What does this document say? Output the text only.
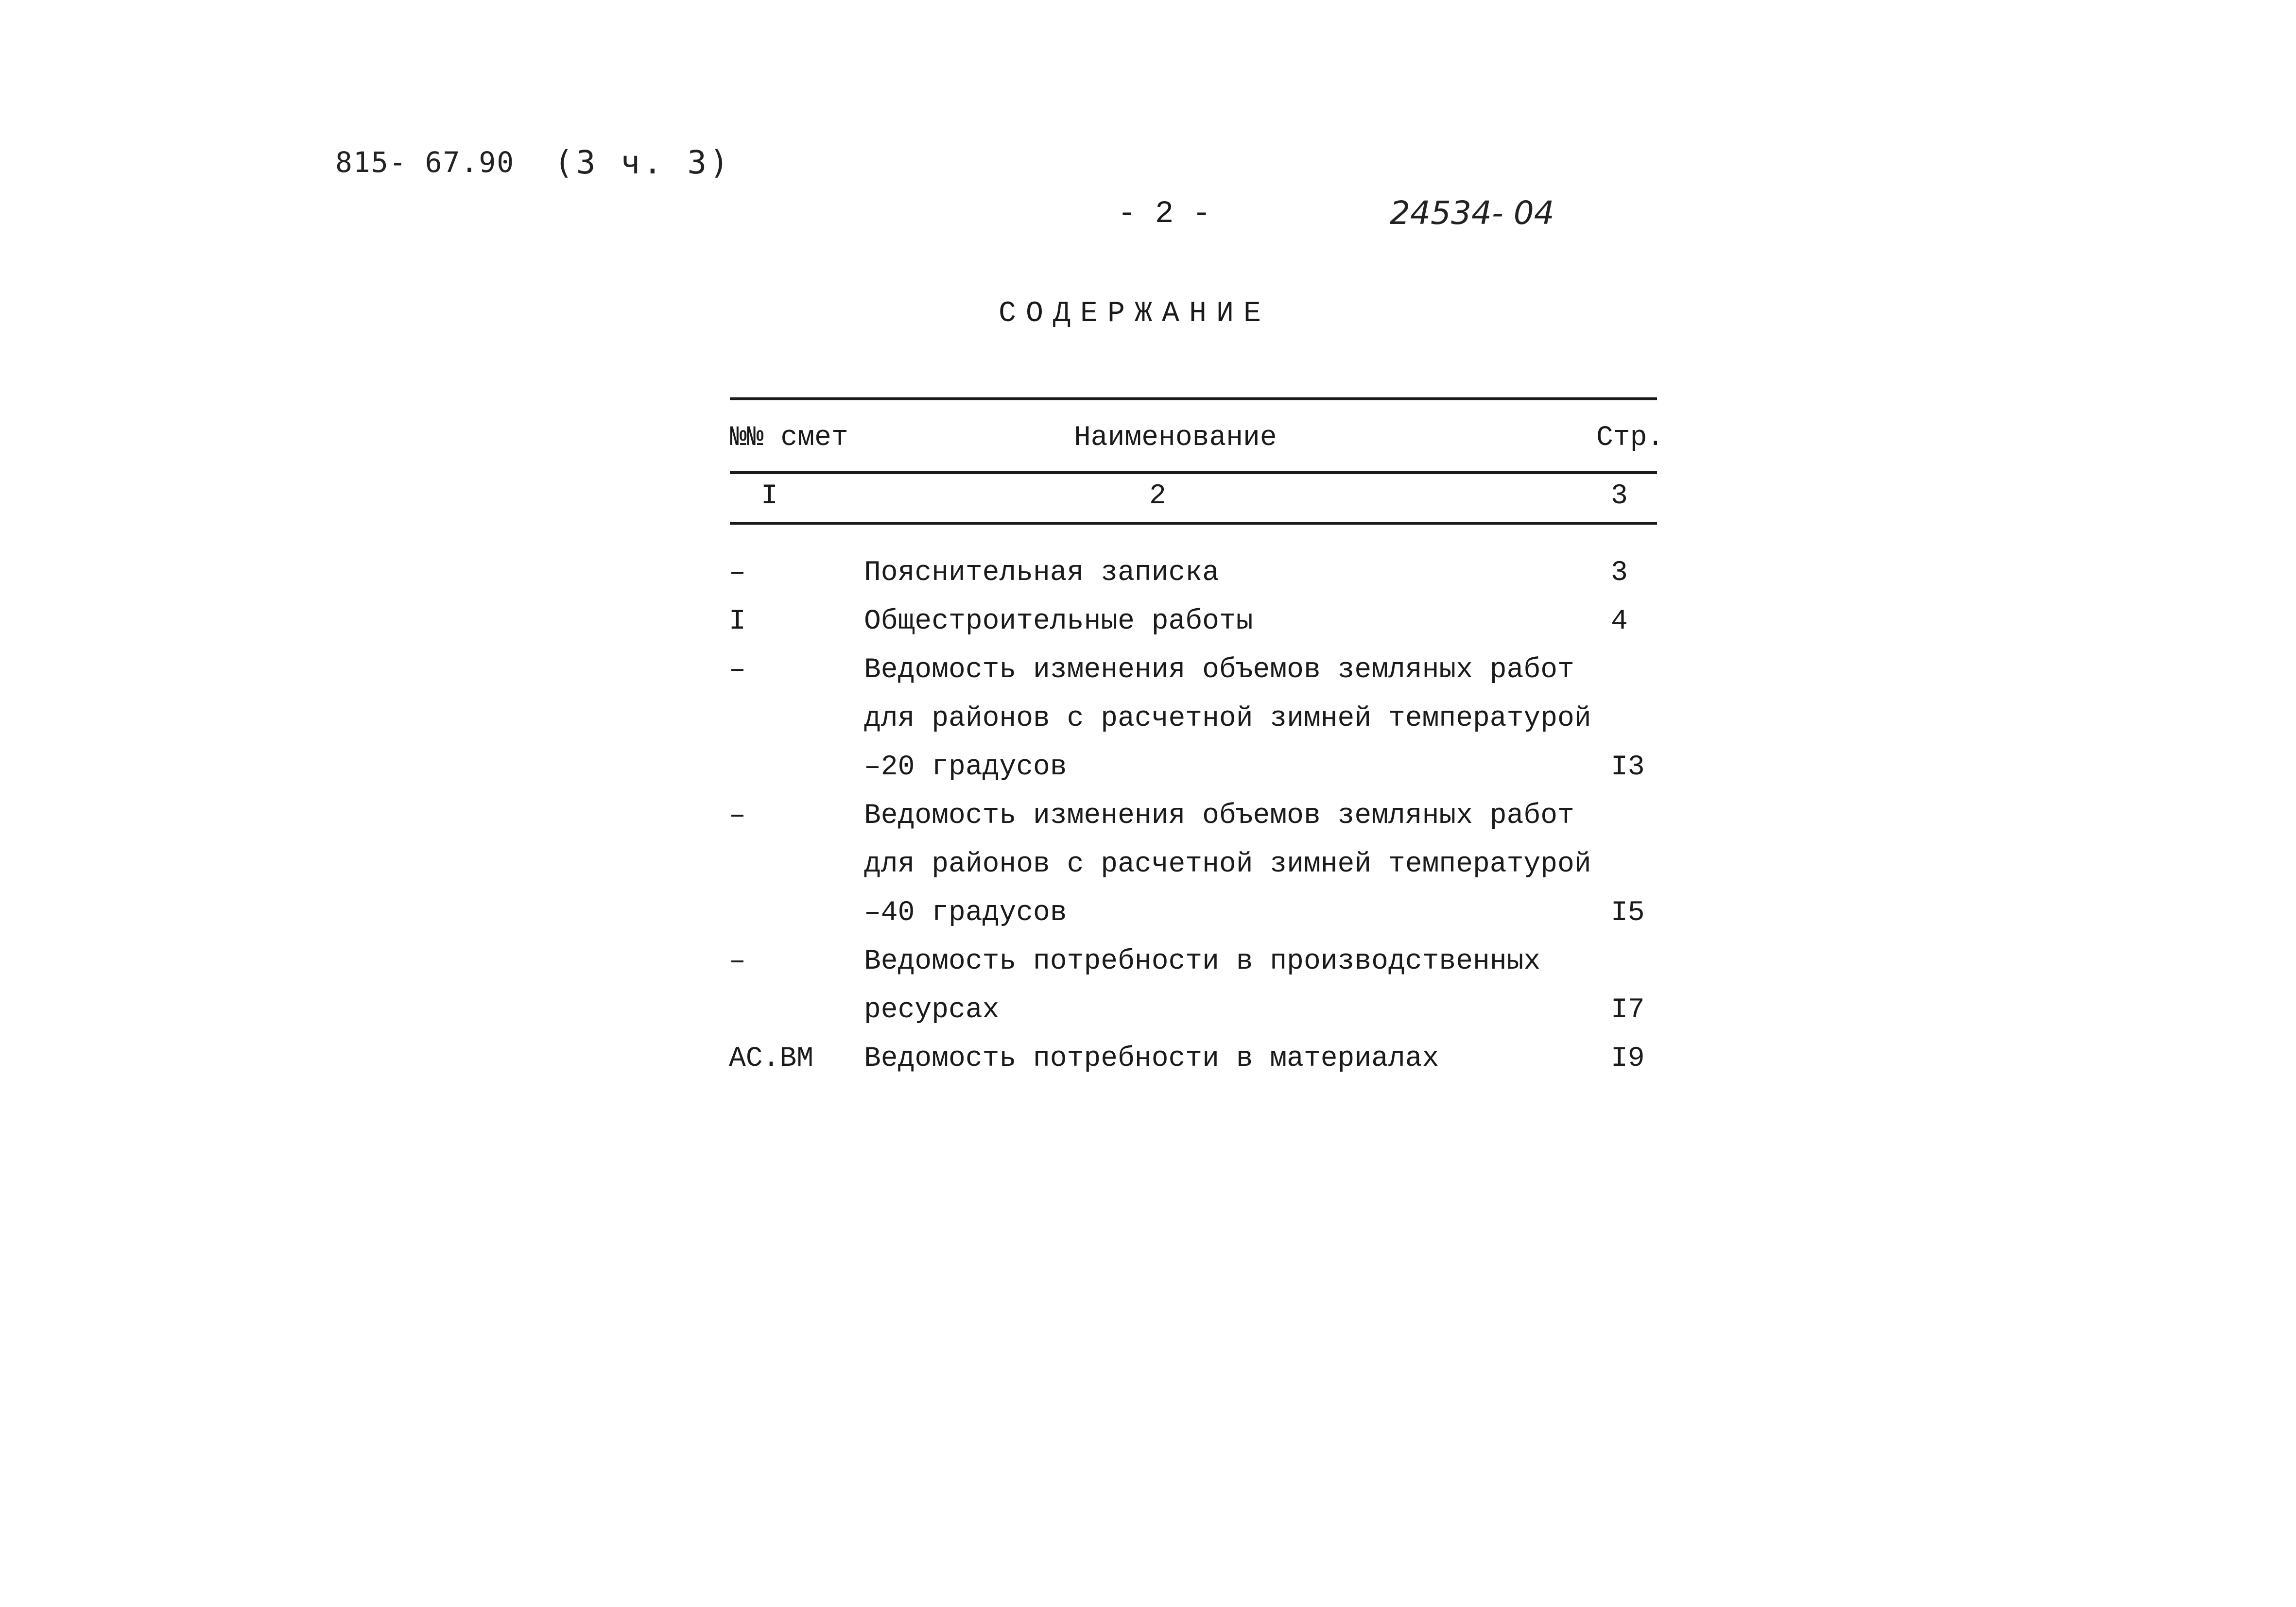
815- 67.90 (3 ч. 3)
- 2 -	24534- 04
СОДЕРЖАНИЕ
№№ смет	Наименование	Стр.
I	2	3
–	Пояснительная записка	3
I	Общестроительные работы	4
–	Ведомость изменения объемов земляных работ
для районов с расчетной зимней температурой
–20 градусов	I3
–	Ведомость изменения объемов земляных работ
для районов с расчетной зимней температурой
–40 градусов	I5
–	Ведомость потребности в производственных
ресурсах	I7
АС.ВМ Ведомость потребности в материалах	I9
